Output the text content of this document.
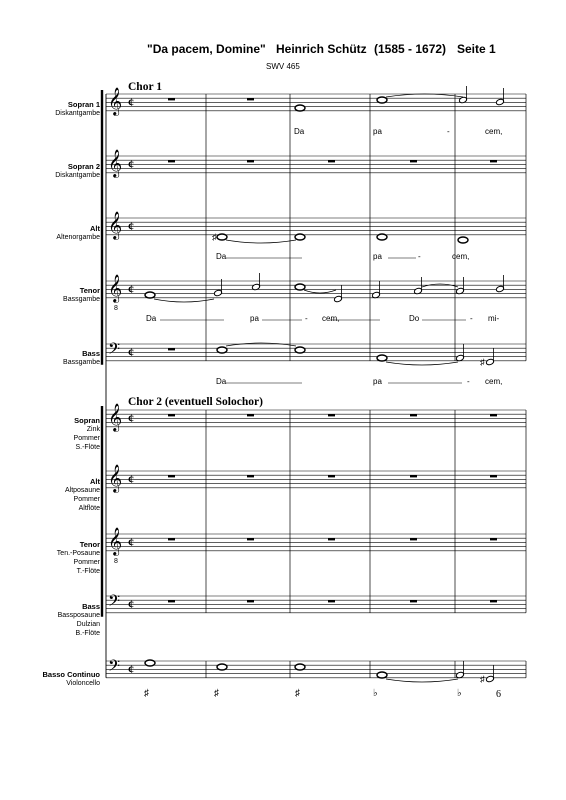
"Da pacem, Domine" Heinrich Schütz (1585 - 1672) Seite 1
SWV 465
Chor 1
Chor 2 (eventuell Solochor)
Sopran 1
Diskantgambe
Sopran 2
Diskantgambe
Alt
Altenorgambe
Tenor
Bassgambe
Bass
Bassgambe
Sopran
Zink
Pommer
S.-Flöte
Alt
Altposaune
Pommer
Altflöte
Tenor
Ten.-Posaune
Pommer
T.-Flöte
Bass
Bassposaune
Dulzian
B.-Flöte
Basso Continuo
Violoncello
𝄞 ¢
𝄞 ¢
𝄞 ¢
𝄞 ¢
𝄢 ¢
𝄞 ¢
𝄞 ¢
𝄞 ¢
𝄢 ¢
𝄢 ¢
8
8
♯
♯
♯
Da	pa	-	cem,
Da	pa	-	cem,
Da	pa	- cem,	Do	- mi-
Da	pa	- cem,
♯	♯	♯	♭	♭	6
